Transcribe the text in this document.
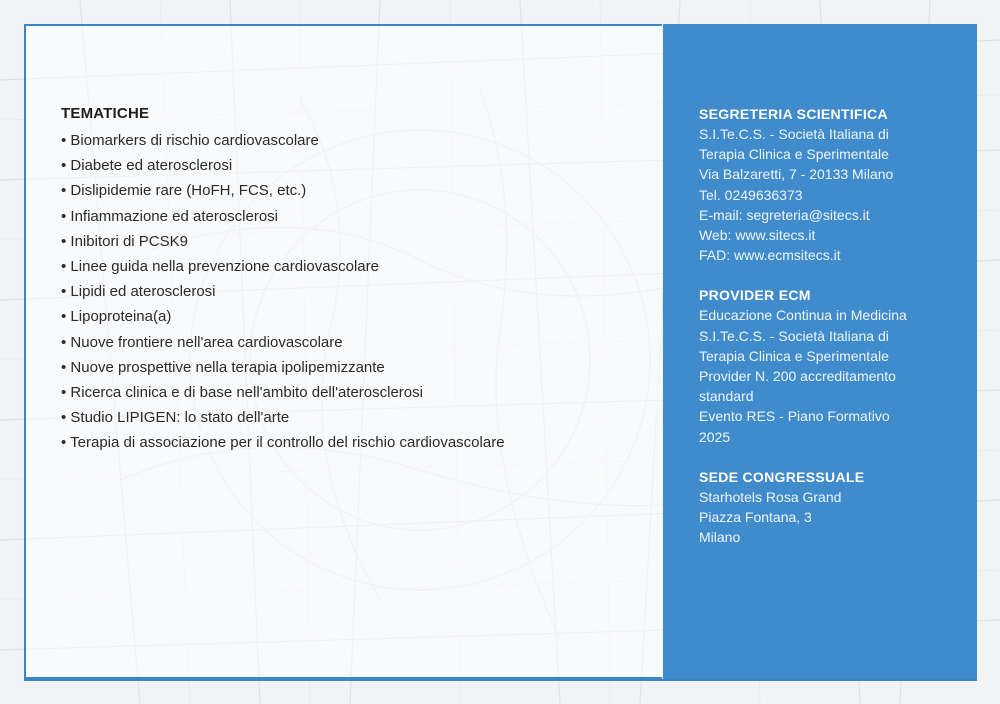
TEMATICHE
• Biomarkers di rischio cardiovascolare
• Diabete ed aterosclerosi
• Dislipidemie rare (HoFH, FCS, etc.)
• Infiammazione ed aterosclerosi
• Inibitori di PCSK9
• Linee guida nella prevenzione cardiovascolare
• Lipidi ed aterosclerosi
• Lipoproteina(a)
• Nuove frontiere nell'area cardiovascolare
• Nuove prospettive nella terapia ipolipemizzante
• Ricerca clinica e di base nell'ambito dell'aterosclerosi
• Studio LIPIGEN: lo stato dell'arte
• Terapia di associazione per il controllo del rischio cardiovascolare
SEGRETERIA SCIENTIFICA
S.I.Te.C.S. - Società Italiana di
Terapia Clinica e Sperimentale
Via Balzaretti, 7 - 20133 Milano
Tel. 0249636373
E-mail: segreteria@sitecs.it
Web: www.sitecs.it
FAD: www.ecmsitecs.it
PROVIDER ECM
Educazione Continua in Medicina
S.I.Te.C.S. - Società Italiana di
Terapia Clinica e Sperimentale
Provider N. 200 accreditamento
standard
Evento RES - Piano Formativo
2025
SEDE CONGRESSUALE
Starhotels Rosa Grand
Piazza Fontana, 3
Milano
